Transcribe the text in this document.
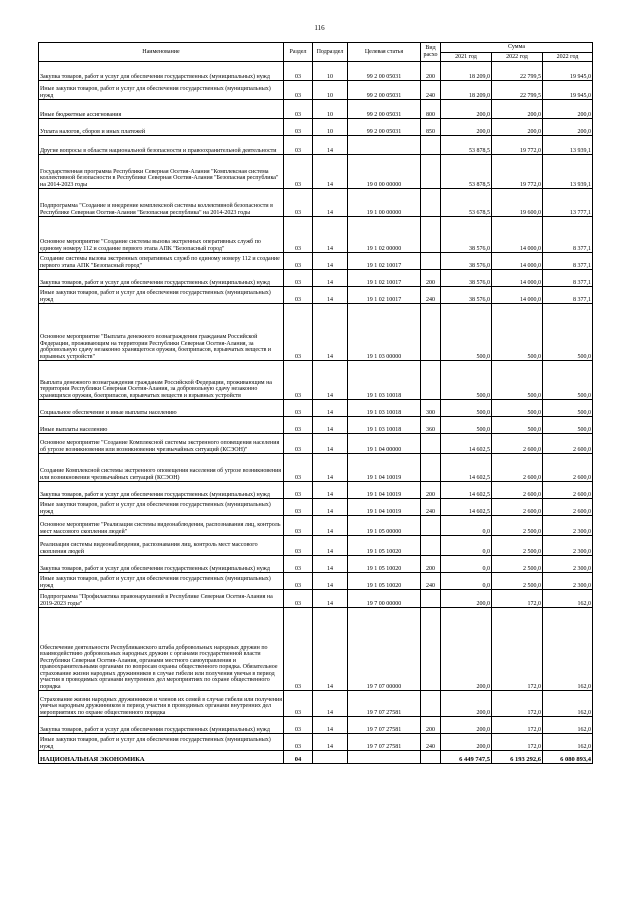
116
Наименование	Раздел	Подраздел	Целевая статья	Вид расхо	Сумма		
					2021 год	2022 год	2022 год
Закупка товаров, работ и услуг для обеспечения государственных (муниципальных) нужд	03	10	99 2 00 05031	200	18 209,0	22 799,5	19 945,0
Иные закупки товаров, работ и услуг для обеспечения государственных (муниципальных) нужд	03	10	99 2 00 05031	240	18 209,0	22 799,5	19 945,0
Иные бюджетные ассигнования	03	10	99 2 00 05031	800	200,0	200,0	200,0
Уплата налогов, сборов и иных платежей	03	10	99 2 00 05031	850	200,0	200,0	200,0
Другие вопросы в области национальной безопасности и правоохранительной деятельности	03	14			53 878,5	19 772,0	13 939,1
Государственная программа Республики Северная Осетия-Алания "Комплексная система коллективной безопасности в Республике Северная Осетия-Алания "Безопасная республика" на 2014-2023 годы	03	14	19 0 00 00000		53 878,5	19 772,0	13 939,1
Подпрограмма "Создание и внедрение комплексной системы коллективной безопасности в Республике Северная Осетия-Алания "Безопасная республика" на 2014-2023 годы	03	14	19 1 00 00000		53 678,5	19 600,0	13 777,1
Основное мероприятие "Создание системы вызова экстренных оперативных служб по единому номеру 112 и создание первого этапа АПК "Безопасный город"	03	14	19 1 02 00000		38 576,0	14 000,0	8 377,1
Создание системы вызова экстренных оперативных служб по единому номеру 112 и создание первого этапа АПК "Безопасный город"	03	14	19 1 02 10017		38 576,0	14 000,0	8 377,1
Закупка товаров, работ и услуг для обеспечения государственных (муниципальных) нужд	03	14	19 1 02 10017	200	38 576,0	14 000,0	8 377,1
Иные закупки товаров, работ и услуг для обеспечения государственных (муниципальных) нужд	03	14	19 1 02 10017	240	38 576,0	14 000,0	8 377,1
Основное мероприятие "Выплата денежного вознаграждения гражданам Российской Федерации, проживающим на территории Республики Северная Осетия-Алания, за добровольную сдачу незаконно хранящегося оружия, боеприпасов, взрывчатых веществ и взрывных устройств"	03	14	19 1 03 00000		500,0	500,0	500,0
Выплата денежного вознаграждения гражданам Российской Федерации, проживающим на территории Республики Северная Осетия-Алания, за добровольную сдачу незаконно хранящихся оружия, боеприпасов, взрывчатых веществ и взрывных устройств	03	14	19 1 03 10018		500,0	500,0	500,0
Социальное обеспечение и иные выплаты населению	03	14	19 1 03 10018	300	500,0	500,0	500,0
Иные выплаты населению	03	14	19 1 03 10018	360	500,0	500,0	500,0
Основное мероприятие "Создание Комплексной системы экстренного оповещения населения об угрозе возникновения или возникновении чрезвычайных ситуаций (КСЭОН)"	03	14	19 1 04 00000		14 602,5	2 600,0	2 600,0
Создание Комплексной системы экстренного оповещения населения об угрозе возникновения или возникновении чрезвычайных ситуаций (КСЭОН)	03	14	19 1 04 10019		14 602,5	2 600,0	2 600,0
Закупка товаров, работ и услуг для обеспечения государственных (муниципальных) нужд	03	14	19 1 04 10019	200	14 602,5	2 600,0	2 600,0
Иные закупки товаров, работ и услуг для обеспечения государственных (муниципальных) нужд	03	14	19 1 04 10019	240	14 602,5	2 600,0	2 600,0
Основное мероприятие "Реализация системы видеонаблюдения, распознавания лиц, контроль мест массового скопления людей"	03	14	19 1 05 00000		0,0	2 500,0	2 300,0
Реализация системы видеонаблюдения, распознавания лиц, контроль мест массового скопления людей	03	14	19 1 05 10020		0,0	2 500,0	2 300,0
Закупка товаров, работ и услуг для обеспечения государственных (муниципальных) нужд	03	14	19 1 05 10020	200	0,0	2 500,0	2 300,0
Иные закупки товаров, работ и услуг для обеспечения государственных (муниципальных) нужд	03	14	19 1 05 10020	240	0,0	2 500,0	2 300,0
Подпрограмма "Профилактика правонарушений в Республике Северная Осетия-Алания на 2019-2023 годы"	03	14	19 7 00 00000		200,0	172,0	162,0
Обеспечение деятельности Республиканского штаба добровольных народных дружин по взаимодействию добровольных народных дружин с органами государственной власти Республики Северная Осетия-Алания, органами местного самоуправления и правоохранительными органами по вопросам охраны общественного порядка. Обязательное страхование жизни народных дружинников в случае гибели или получения увечья в период участия в проводимых органами внутренних дел мероприятиях по охране общественного порядка	03	14	19 7 07 00000		200,0	172,0	162,0
Страхование жизни народных дружинников и членов их семей в случае гибели или получения увечья народным дружинником в период участия в проводимых органами внутренних дел мероприятиях по охране общественного порядка	03	14	19 7 07 27581		200,0	172,0	162,0
Закупка товаров, работ и услуг для обеспечения государственных (муниципальных) нужд	03	14	19 7 07 27581	200	200,0	172,0	162,0
Иные закупки товаров, работ и услуг для обеспечения государственных (муниципальных) нужд	03	14	19 7 07 27581	240	200,0	172,0	162,0
НАЦИОНАЛЬНАЯ ЭКОНОМИКА	04				6 449 747,5	6 193 292,6	6 080 893,4
